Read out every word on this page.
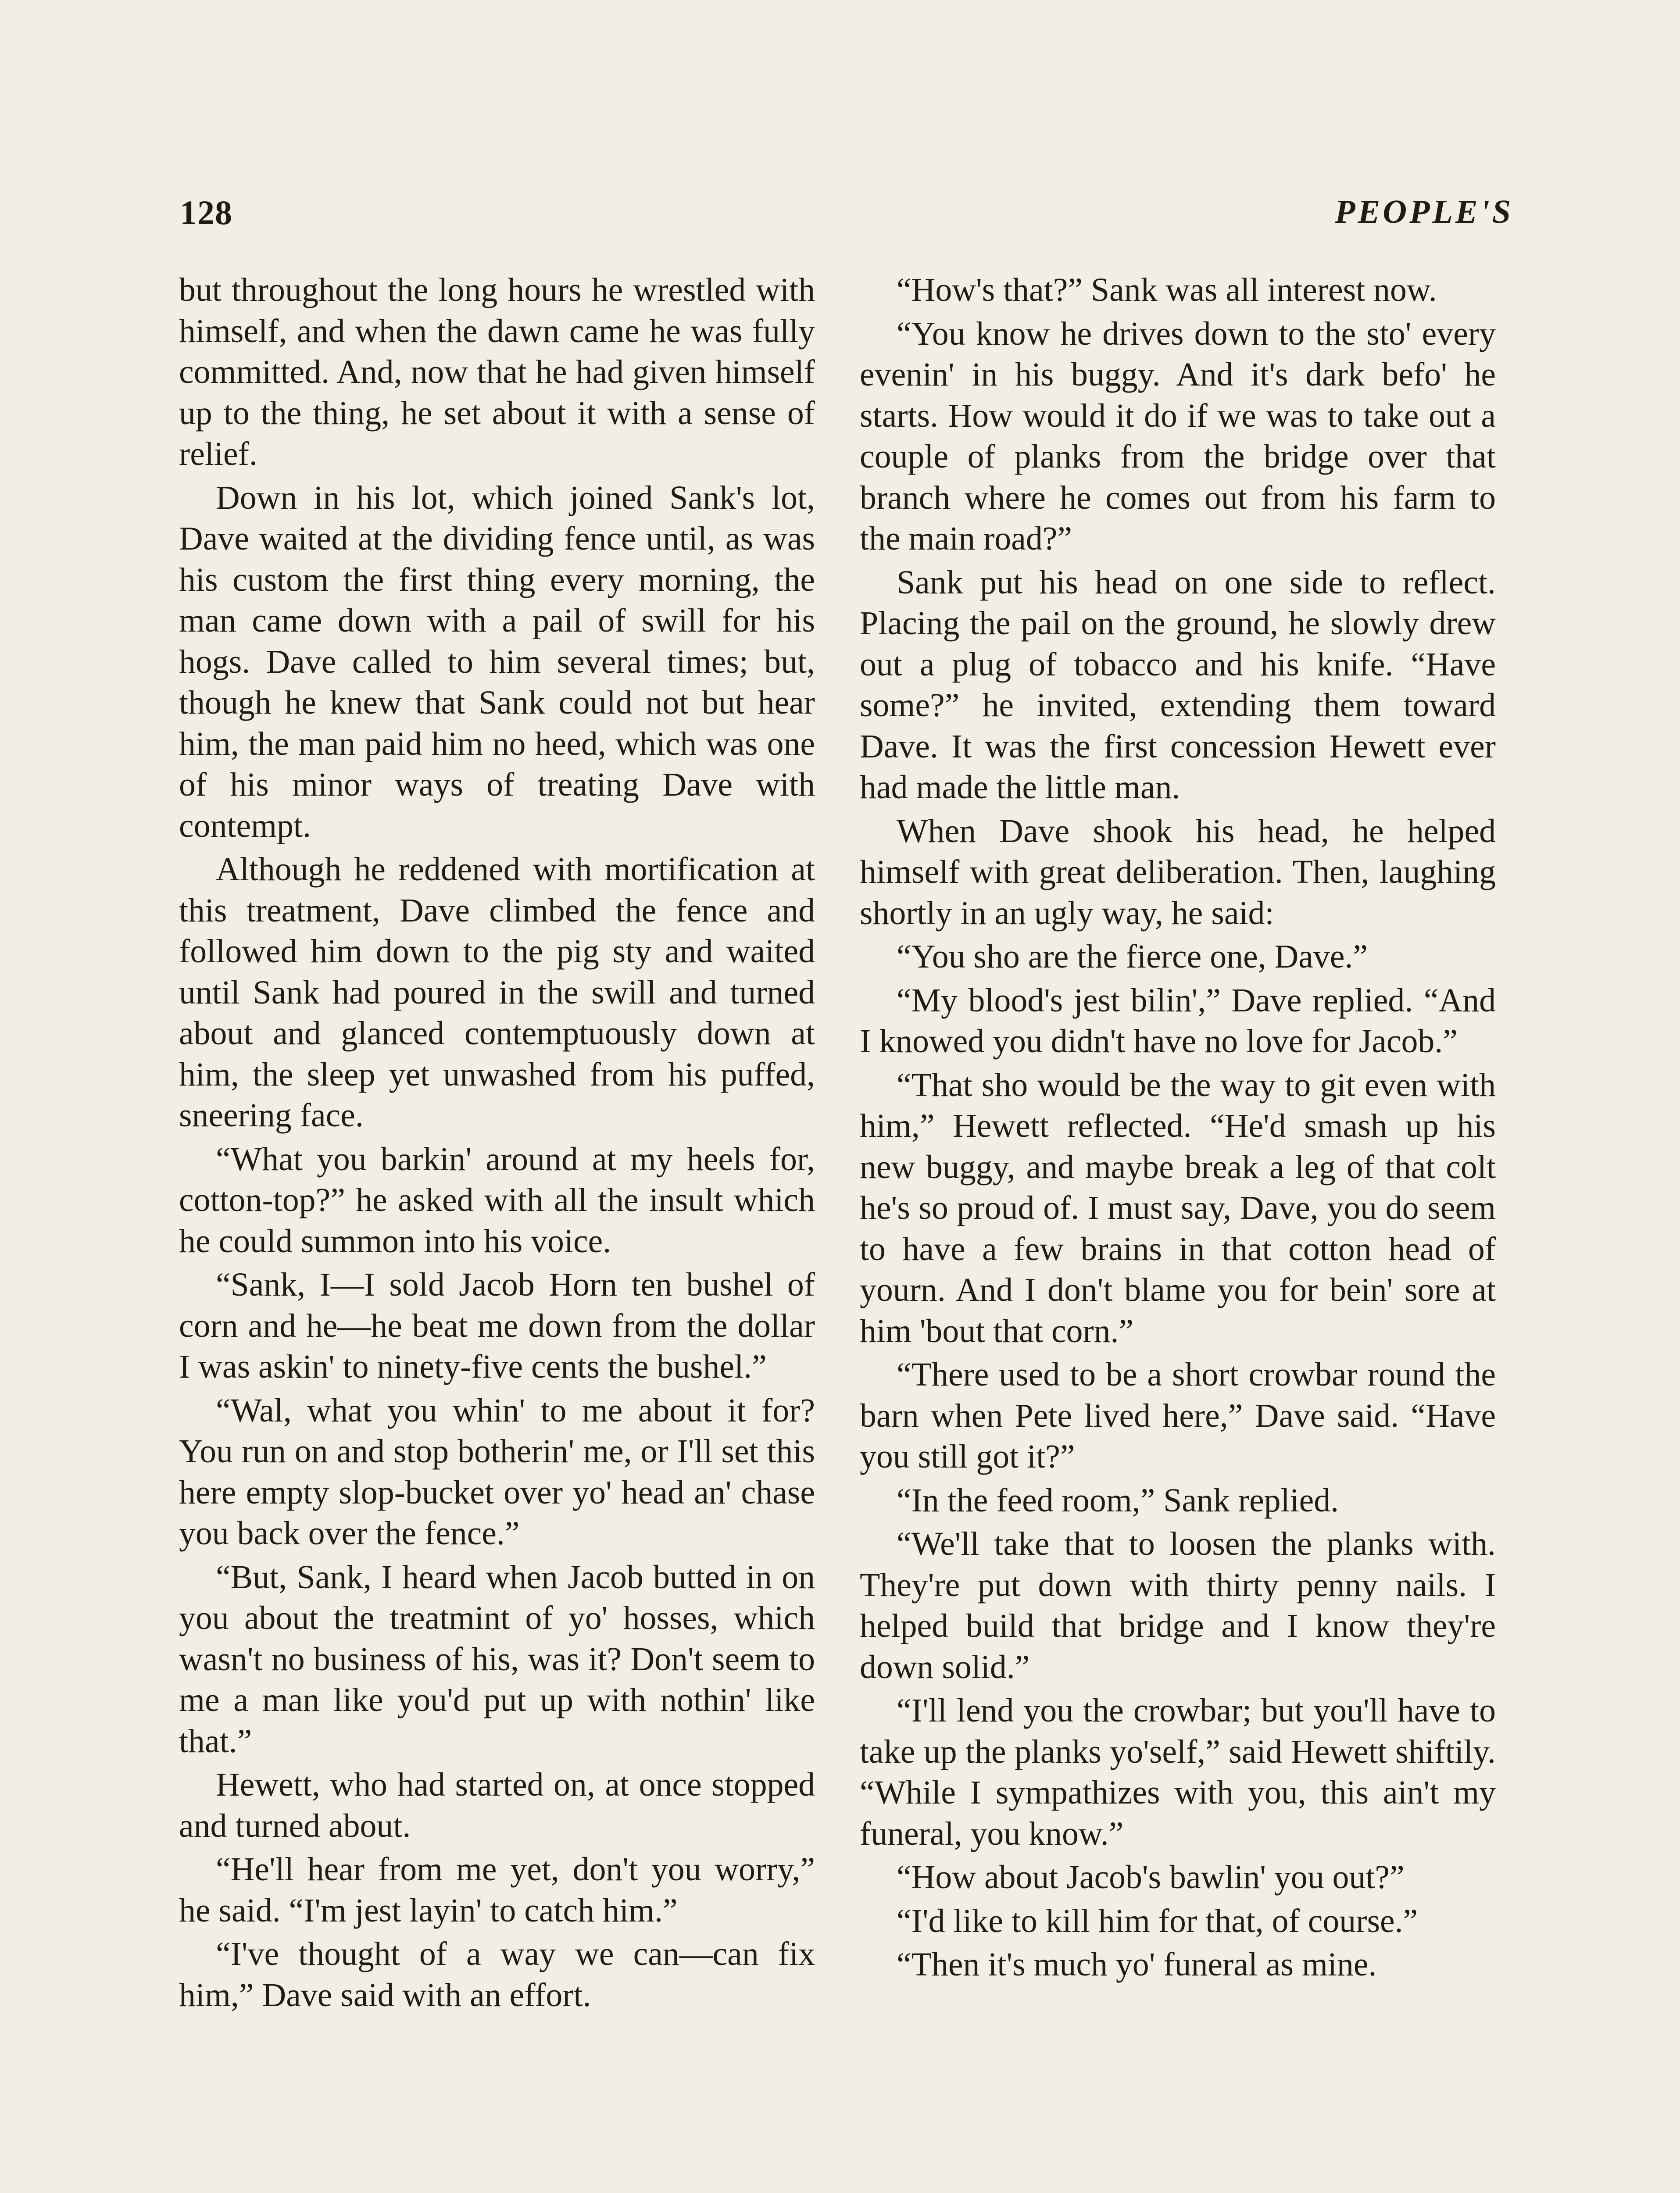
128	PEOPLE'S

but throughout the long hours he wrestled with himself, and when the dawn came he was fully committed. And, now that he had given himself up to the thing, he set about it with a sense of relief.

Down in his lot, which joined Sank's lot, Dave waited at the dividing fence until, as was his custom the first thing every morning, the man came down with a pail of swill for his hogs. Dave called to him several times; but, though he knew that Sank could not but hear him, the man paid him no heed, which was one of his minor ways of treating Dave with contempt.

Although he reddened with mortification at this treatment, Dave climbed the fence and followed him down to the pig sty and waited until Sank had poured in the swill and turned about and glanced contemptuously down at him, the sleep yet unwashed from his puffed, sneering face.

“What you barkin' around at my heels for, cotton-top?” he asked with all the insult which he could summon into his voice.

“Sank, I—I sold Jacob Horn ten bushel of corn and he—he beat me down from the dollar I was askin' to ninety-five cents the bushel.”

“Wal, what you whin' to me about it for? You run on and stop botherin' me, or I'll set this here empty slop-bucket over yo' head an' chase you back over the fence.”

“But, Sank, I heard when Jacob butted in on you about the treatmint of yo' hosses, which wasn't no business of his, was it? Don't seem to me a man like you'd put up with nothin' like that.”

Hewett, who had started on, at once stopped and turned about.

“He'll hear from me yet, don't you worry,” he said. “I'm jest layin' to catch him.”

“I've thought of a way we can—can fix him,” Dave said with an effort.

“How's that?” Sank was all interest now.

“You know he drives down to the sto' every evenin' in his buggy. And it's dark befo' he starts. How would it do if we was to take out a couple of planks from the bridge over that branch where he comes out from his farm to the main road?”

Sank put his head on one side to reflect. Placing the pail on the ground, he slowly drew out a plug of tobacco and his knife. “Have some?” he invited, extending them toward Dave. It was the first concession Hewett ever had made the little man.

When Dave shook his head, he helped himself with great deliberation. Then, laughing shortly in an ugly way, he said:

“You sho are the fierce one, Dave.”

“My blood's jest bilin',” Dave replied. “And I knowed you didn't have no love for Jacob.”

“That sho would be the way to git even with him,” Hewett reflected. “He'd smash up his new buggy, and maybe break a leg of that colt he's so proud of. I must say, Dave, you do seem to have a few brains in that cotton head of yourn. And I don't blame you for bein' sore at him 'bout that corn.”

“There used to be a short crowbar round the barn when Pete lived here,” Dave said. “Have you still got it?”

“In the feed room,” Sank replied.

“We'll take that to loosen the planks with. They're put down with thirty penny nails. I helped build that bridge and I know they're down solid.”

“I'll lend you the crowbar; but you'll have to take up the planks yo'self,” said Hewett shiftily. “While I sympathizes with you, this ain't my funeral, you know.”

“How about Jacob's bawlin' you out?”

“I'd like to kill him for that, of course.”

“Then it's much yo' funeral as mine.
